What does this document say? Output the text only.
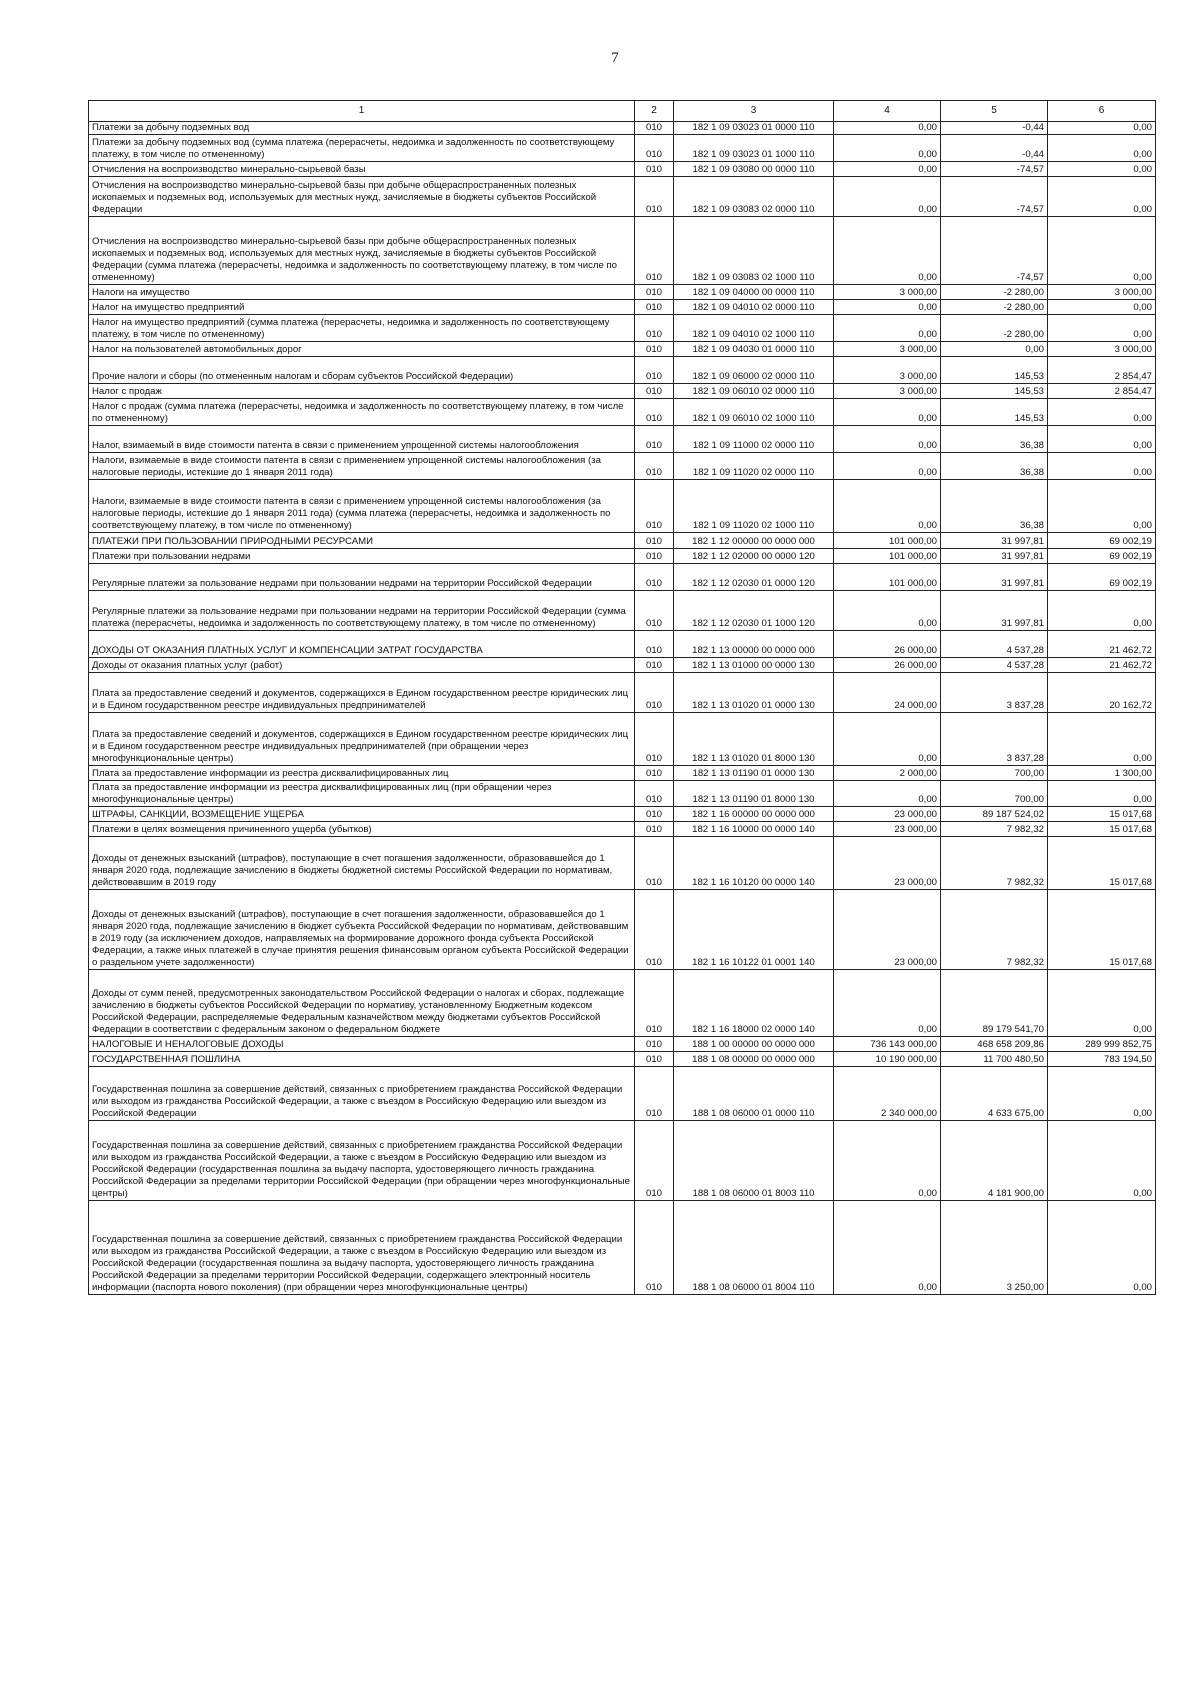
7
1	2	3	4	5	6
Платежи за добычу подземных вод	010	182 1 09 03023 01 0000 110	0,00	-0,44	0,00
Платежи за добычу подземных вод (сумма платежа (перерасчеты, недоимка и задолженность по соответствующему платежу, в том числе по отмененному)	010	182 1 09 03023 01 1000 110	0,00	-0,44	0,00
Отчисления на воспроизводство минерально-сырьевой базы	010	182 1 09 03080 00 0000 110	0,00	-74,57	0,00
Отчисления на воспроизводство минерально-сырьевой базы при добыче общераспространенных полезных ископаемых и подземных вод, используемых для местных нужд, зачисляемые в бюджеты субъектов Российской Федерации	010	182 1 09 03083 02 0000 110	0,00	-74,57	0,00
Отчисления на воспроизводство минерально-сырьевой базы при добыче общераспространенных полезных ископаемых и подземных вод, используемых для местных нужд, зачисляемые в бюджеты субъектов Российской Федерации (сумма платежа (перерасчеты, недоимка и задолженность по соответствующему платежу, в том числе по отмененному)	010	182 1 09 03083 02 1000 110	0,00	-74,57	0,00
Налоги на имущество	010	182 1 09 04000 00 0000 110	3 000,00	-2 280,00	3 000,00
Налог на имущество предприятий	010	182 1 09 04010 02 0000 110	0,00	-2 280,00	0,00
Налог на имущество предприятий (сумма платежа (перерасчеты, недоимка и задолженность по соответствующему платежу, в том числе по отмененному)	010	182 1 09 04010 02 1000 110	0,00	-2 280,00	0,00
Налог на пользователей автомобильных дорог	010	182 1 09 04030 01 0000 110	3 000,00	0,00	3 000,00
Прочие налоги и сборы (по отмененным налогам и сборам субъектов Российской Федерации)	010	182 1 09 06000 02 0000 110	3 000,00	145,53	2 854,47
Налог с продаж	010	182 1 09 06010 02 0000 110	3 000,00	145,53	2 854,47
Налог с продаж (сумма платежа (перерасчеты, недоимка и задолженность по соответствующему платежу, в том числе по отмененному)	010	182 1 09 06010 02 1000 110	0,00	145,53	0,00
Налог, взимаемый в виде стоимости патента в связи с применением упрощенной системы налогообложения	010	182 1 09 11000 02 0000 110	0,00	36,38	0,00
Налоги, взимаемые в виде стоимости патента в связи с применением упрощенной системы налогообложения (за налоговые периоды, истекшие до 1 января 2011 года)	010	182 1 09 11020 02 0000 110	0,00	36,38	0,00
Налоги, взимаемые в виде стоимости патента в связи с применением упрощенной системы налогообложения (за налоговые периоды, истекшие до 1 января 2011 года) (сумма платежа (перерасчеты, недоимка и задолженность по соответствующему платежу, в том числе по отмененному)	010	182 1 09 11020 02 1000 110	0,00	36,38	0,00
ПЛАТЕЖИ ПРИ ПОЛЬЗОВАНИИ ПРИРОДНЫМИ РЕСУРСАМИ	010	182 1 12 00000 00 0000 000	101 000,00	31 997,81	69 002,19
Платежи при пользовании недрами	010	182 1 12 02000 00 0000 120	101 000,00	31 997,81	69 002,19
Регулярные платежи за пользование недрами при пользовании недрами на территории Российской Федерации	010	182 1 12 02030 01 0000 120	101 000,00	31 997,81	69 002,19
Регулярные платежи за пользование недрами при пользовании недрами на территории Российской Федерации (сумма платежа (перерасчеты, недоимка и задолженность по соответствующему платежу, в том числе по отмененному)	010	182 1 12 02030 01 1000 120	0,00	31 997,81	0,00
ДОХОДЫ ОТ ОКАЗАНИЯ ПЛАТНЫХ УСЛУГ И КОМПЕНСАЦИИ ЗАТРАТ ГОСУДАРСТВА	010	182 1 13 00000 00 0000 000	26 000,00	4 537,28	21 462,72
Доходы от оказания платных услуг (работ)	010	182 1 13 01000 00 0000 130	26 000,00	4 537,28	21 462,72
Плата за предоставление сведений и документов, содержащихся в Едином государственном реестре юридических лиц и в Едином государственном реестре индивидуальных предпринимателей	010	182 1 13 01020 01 0000 130	24 000,00	3 837,28	20 162,72
Плата за предоставление сведений и документов, содержащихся в Едином государственном реестре юридических лиц и в Едином государственном реестре индивидуальных предпринимателей (при обращении через многофункциональные центры)	010	182 1 13 01020 01 8000 130	0,00	3 837,28	0,00
Плата за предоставление информации из реестра дисквалифицированных лиц	010	182 1 13 01190 01 0000 130	2 000,00	700,00	1 300,00
Плата за предоставление информации из реестра дисквалифицированных лиц (при обращении через многофункциональные центры)	010	182 1 13 01190 01 8000 130	0,00	700,00	0,00
ШТРАФЫ, САНКЦИИ, ВОЗМЕЩЕНИЕ УЩЕРБА	010	182 1 16 00000 00 0000 000	23 000,00	89 187 524,02	15 017,68
Платежи в целях возмещения причиненного ущерба (убытков)	010	182 1 16 10000 00 0000 140	23 000,00	7 982,32	15 017,68
Доходы от денежных взысканий (штрафов), поступающие в счет погашения задолженности, образовавшейся до 1 января 2020 года, подлежащие зачислению в бюджеты бюджетной системы Российской Федерации по нормативам, действовавшим в 2019 году	010	182 1 16 10120 00 0000 140	23 000,00	7 982,32	15 017,68
Доходы от денежных взысканий (штрафов), поступающие в счет погашения задолженности, образовавшейся до 1 января 2020 года, подлежащие зачислению в бюджет субъекта Российской Федерации по нормативам, действовавшим в 2019 году (за исключением доходов, направляемых на формирование дорожного фонда субъекта Российской Федерации, а также иных платежей в случае принятия решения финансовым органом субъекта Российской Федерации о раздельном учете задолженности)	010	182 1 16 10122 01 0001 140	23 000,00	7 982,32	15 017,68
Доходы от сумм пеней, предусмотренных законодательством Российской Федерации о налогах и сборах, подлежащие зачислению в бюджеты субъектов Российской Федерации по нормативу, установленному Бюджетным кодексом Российской Федерации, распределяемые Федеральным казначейством между бюджетами субъектов Российской Федерации в соответствии с федеральным законом о федеральном бюджете	010	182 1 16 18000 02 0000 140	0,00	89 179 541,70	0,00
НАЛОГОВЫЕ И НЕНАЛОГОВЫЕ ДОХОДЫ	010	188 1 00 00000 00 0000 000	736 143 000,00	468 658 209,86	289 999 852,75
ГОСУДАРСТВЕННАЯ ПОШЛИНА	010	188 1 08 00000 00 0000 000	10 190 000,00	11 700 480,50	783 194,50
Государственная пошлина за совершение действий, связанных с приобретением гражданства Российской Федерации или выходом из гражданства Российской Федерации, а также с въездом в Российскую Федерацию или выездом из Российской Федерации	010	188 1 08 06000 01 0000 110	2 340 000,00	4 633 675,00	0,00
Государственная пошлина за совершение действий, связанных с приобретением гражданства Российской Федерации или выходом из гражданства Российской Федерации, а также с въездом в Российскую Федерацию или выездом из Российской Федерации (государственная пошлина за выдачу паспорта, удостоверяющего личность гражданина Российской Федерации за пределами территории Российской Федерации (при обращении через многофункциональные центры)	010	188 1 08 06000 01 8003 110	0,00	4 181 900,00	0,00
Государственная пошлина за совершение действий, связанных с приобретением гражданства Российской Федерации или выходом из гражданства Российской Федерации, а также с въездом в Российскую Федерацию или выездом из Российской Федерации (государственная пошлина за выдачу паспорта, удостоверяющего личность гражданина Российской Федерации за пределами территории Российской Федерации, содержащего электронный носитель информации (паспорта нового поколения) (при обращении через многофункциональные центры)	010	188 1 08 06000 01 8004 110	0,00	3 250,00	0,00
